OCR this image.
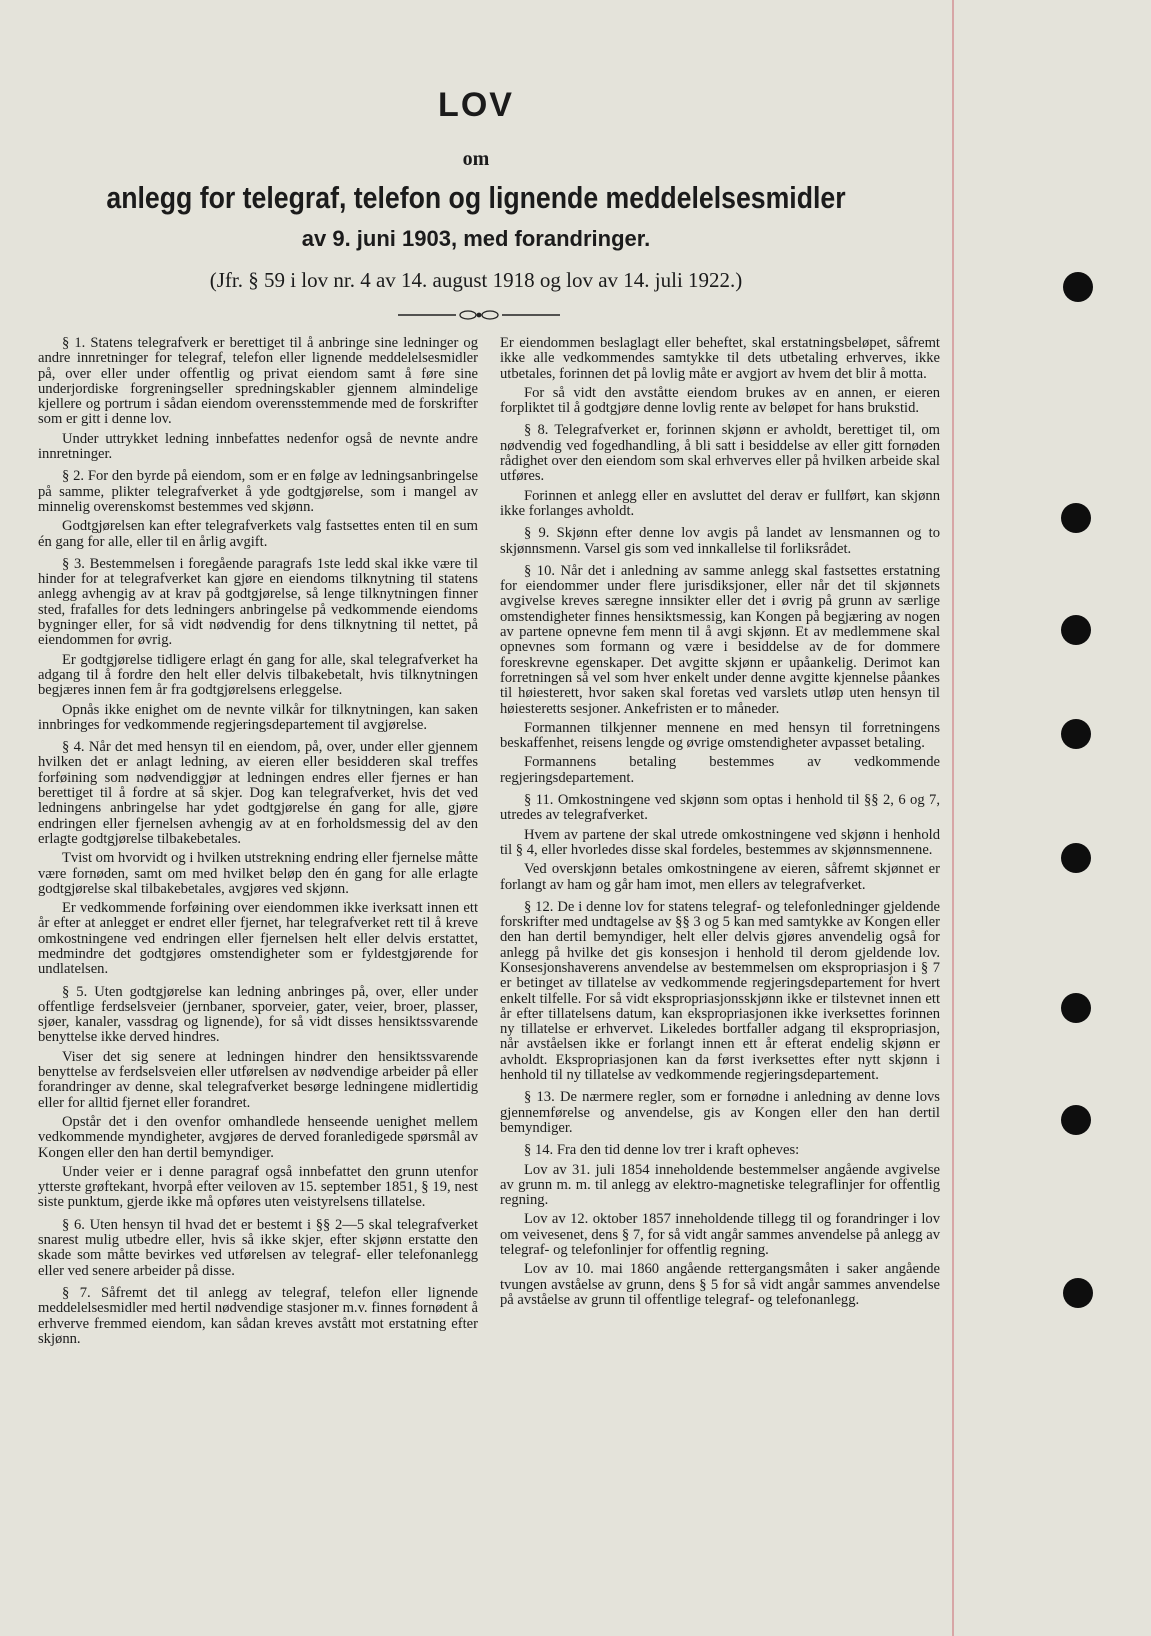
LOV
om
anlegg for telegraf, telefon og lignende meddelelsesmidler
av 9. juni 1903, med forandringer.
(Jfr. § 59 i lov nr. 4 av 14. august 1918 og lov av 14. juli 1922.)

§ 1. Statens telegrafverk er berettiget til å anbringe sine ledninger og andre innretninger for telegraf, telefon eller lignende meddelelsesmidler på, over eller under offentlig og privat eiendom samt å føre sine underjordiske forgreningseller spredningskabler gjennem almindelige kjellere og portrum i sådan eiendom overensstemmende med de forskrifter som er gitt i denne lov.

Under uttrykket ledning innbefattes nedenfor også de nevnte andre innretninger.

§ 2. For den byrde på eiendom, som er en følge av ledningsanbringelse på samme, plikter telegrafverket å yde godtgjørelse, som i mangel av minnelig overenskomst bestemmes ved skjønn.

Godtgjørelsen kan efter telegrafverkets valg fastsettes enten til en sum én gang for alle, eller til en årlig avgift.

§ 3. Bestemmelsen i foregående paragrafs 1ste ledd skal ikke være til hinder for at telegrafverket kan gjøre en eiendoms tilknytning til statens anlegg avhengig av at krav på godtgjørelse, så lenge tilknytningen finner sted, frafalles for dets ledningers anbringelse på vedkommende eiendoms bygninger eller, for så vidt nødvendig for dens tilknytning til nettet, på eiendommen for øvrig.

Er godtgjørelse tidligere erlagt én gang for alle, skal telegrafverket ha adgang til å fordre den helt eller delvis tilbakebetalt, hvis tilknytningen begjæres innen fem år fra godtgjørelsens erleggelse.

Opnås ikke enighet om de nevnte vilkår for tilknytningen, kan saken innbringes for vedkommende regjeringsdepartement til avgjørelse.

§ 4. Når det med hensyn til en eiendom, på, over, under eller gjennem hvilken det er anlagt ledning, av eieren eller besidderen skal treffes forføining som nødvendiggjør at ledningen endres eller fjernes er han berettiget til å fordre at så skjer. Dog kan telegrafverket, hvis det ved ledningens anbringelse har ydet godtgjørelse én gang for alle, gjøre endringen eller fjernelsen avhengig av at en forholdsmessig del av den erlagte godtgjørelse tilbakebetales.

Tvist om hvorvidt og i hvilken utstrekning endring eller fjernelse måtte være fornøden, samt om med hvilket beløp den én gang for alle erlagte godtgjørelse skal tilbakebetales, avgjøres ved skjønn.

Er vedkommende forføining over eiendommen ikke iverksatt innen ett år efter at anlegget er endret eller fjernet, har telegrafverket rett til å kreve omkostningene ved endringen eller fjernelsen helt eller delvis erstattet, medmindre det godtgjøres omstendigheter som er fyldestgjørende for undlatelsen.

§ 5. Uten godtgjørelse kan ledning anbringes på, over, eller under offentlige ferdselsveier (jernbaner, sporveier, gater, veier, broer, plasser, sjøer, kanaler, vassdrag og lignende), for så vidt disses hensiktssvarende benyttelse ikke derved hindres.

Viser det sig senere at ledningen hindrer den hensiktssvarende benyttelse av ferdselsveien eller utførelsen av nødvendige arbeider på eller forandringer av denne, skal telegrafverket besørge ledningene midlertidig eller for alltid fjernet eller forandret.

Opstår det i den ovenfor omhandlede henseende uenighet mellem vedkommende myndigheter, avgjøres de derved foranledigede spørsmål av Kongen eller den han dertil bemyndiger.

Under veier er i denne paragraf også innbefattet den grunn utenfor ytterste grøftekant, hvorpå efter veiloven av 15. september 1851, § 19, nest siste punktum, gjerde ikke må opføres uten veistyrelsens tillatelse.

§ 6. Uten hensyn til hvad det er bestemt i §§ 2—5 skal telegrafverket snarest mulig utbedre eller, hvis så ikke skjer, efter skjønn erstatte den skade som måtte bevirkes ved utførelsen av telegraf- eller telefonanlegg eller ved senere arbeider på disse.

§ 7. Såfremt det til anlegg av telegraf, telefon eller lignende meddelelsesmidler med hertil nødvendige stasjoner m.v. finnes fornødent å erhverve fremmed eiendom, kan sådan kreves avstått mot erstatning efter skjønn.

Er eiendommen beslaglagt eller beheftet, skal erstatningsbeløpet, såfremt ikke alle vedkommendes samtykke til dets utbetaling erhverves, ikke utbetales, forinnen det på lovlig måte er avgjort av hvem det blir å motta.

For så vidt den avståtte eiendom brukes av en annen, er eieren forpliktet til å godtgjøre denne lovlig rente av beløpet for hans brukstid.

§ 8. Telegrafverket er, forinnen skjønn er avholdt, berettiget til, om nødvendig ved fogedhandling, å bli satt i besiddelse av eller gitt fornøden rådighet over den eiendom som skal erhverves eller på hvilken arbeide skal utføres.

Forinnen et anlegg eller en avsluttet del derav er fullført, kan skjønn ikke forlanges avholdt.

§ 9. Skjønn efter denne lov avgis på landet av lensmannen og to skjønnsmenn. Varsel gis som ved innkallelse til forliksrådet.

§ 10. Når det i anledning av samme anlegg skal fastsettes erstatning for eiendommer under flere jurisdiksjoner, eller når det til skjønnets avgivelse kreves særegne innsikter eller det i øvrig på grunn av særlige omstendigheter finnes hensiktsmessig, kan Kongen på begjæring av nogen av partene opnevne fem menn til å avgi skjønn. Et av medlemmene skal opnevnes som formann og være i besiddelse av de for dommere foreskrevne egenskaper. Det avgitte skjønn er upåankelig. Derimot kan forretningen så vel som hver enkelt under denne avgitte kjennelse påankes til høiesterett, hvor saken skal foretas ved varslets utløp uten hensyn til høiesteretts sesjoner. Ankefristen er to måneder.

Formannen tilkjenner mennene en med hensyn til forretningens beskaffenhet, reisens lengde og øvrige omstendigheter avpasset betaling.

Formannens betaling bestemmes av vedkommende regjeringsdepartement.

§ 11. Omkostningene ved skjønn som optas i henhold til §§ 2, 6 og 7, utredes av telegrafverket.

Hvem av partene der skal utrede omkostningene ved skjønn i henhold til § 4, eller hvorledes disse skal fordeles, bestemmes av skjønnsmennene.

Ved overskjønn betales omkostningene av eieren, såfremt skjønnet er forlangt av ham og går ham imot, men ellers av telegrafverket.

§ 12. De i denne lov for statens telegraf- og telefonledninger gjeldende forskrifter med undtagelse av §§ 3 og 5 kan med samtykke av Kongen eller den han dertil bemyndiger, helt eller delvis gjøres anvendelig også for anlegg på hvilke det gis konsesjon i henhold til derom gjeldende lov. Konsesjonshaverens anvendelse av bestemmelsen om ekspropriasjon i § 7 er betinget av tillatelse av vedkommende regjeringsdepartement for hvert enkelt tilfelle. For så vidt ekspropriasjonsskjønn ikke er tilstevnet innen ett år efter tillatelsens datum, kan ekspropriasjonen ikke iverksettes forinnen ny tillatelse er erhvervet. Likeledes bortfaller adgang til ekspropriasjon, når avståelsen ikke er forlangt innen ett år efterat endelig skjønn er avholdt. Ekspropriasjonen kan da først iverksettes efter nytt skjønn i henhold til ny tillatelse av vedkommende regjeringsdepartement.

§ 13. De nærmere regler, som er fornødne i anledning av denne lovs gjennemførelse og anvendelse, gis av Kongen eller den han dertil bemyndiger.

§ 14. Fra den tid denne lov trer i kraft opheves:

Lov av 31. juli 1854 inneholdende bestemmelser angående avgivelse av grunn m. m. til anlegg av elektro-magnetiske telegraflinjer for offentlig regning.

Lov av 12. oktober 1857 inneholdende tillegg til og forandringer i lov om veivesenet, dens § 7, for så vidt angår sammes anvendelse på anlegg av telegraf- og telefonlinjer for offentlig regning.

Lov av 10. mai 1860 angående rettergangsmåten i saker angående tvungen avståelse av grunn, dens § 5 for så vidt angår sammes anvendelse på avståelse av grunn til offentlige telegraf- og telefonanlegg.
